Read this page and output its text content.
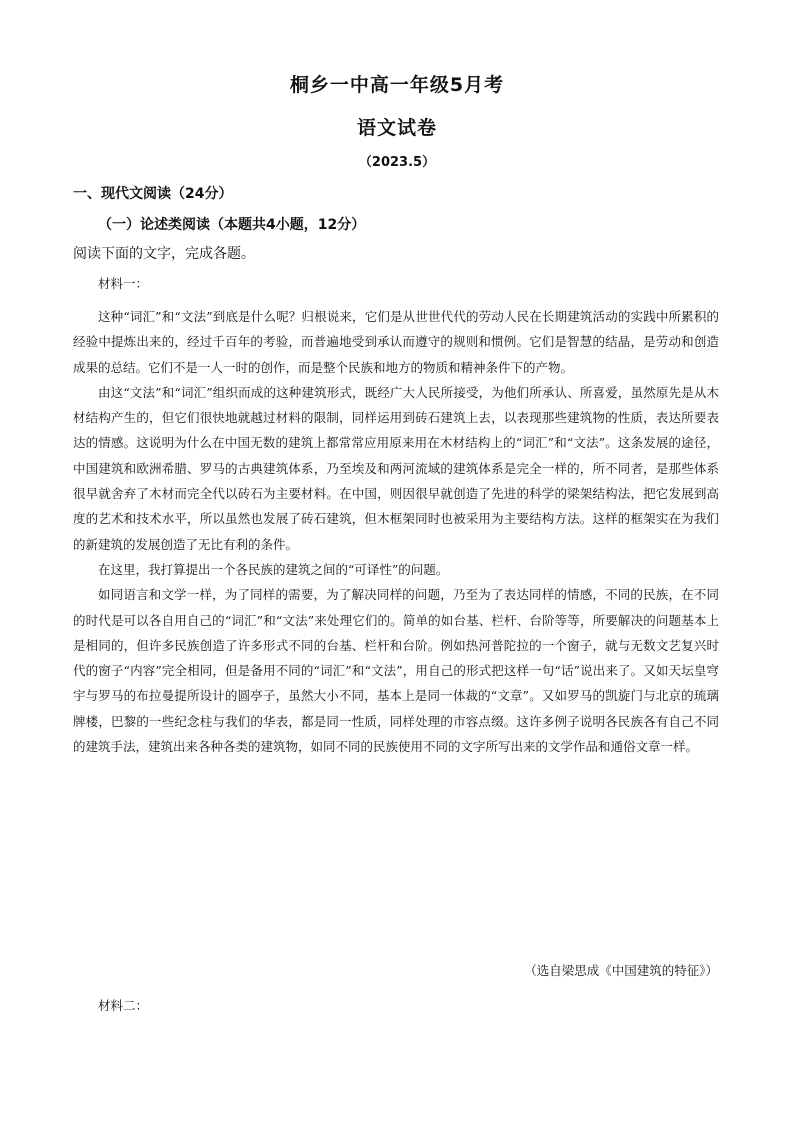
桐乡一中高一年级5月考
语文试卷
（2023.5）
一、现代文阅读（24分）
（一）论述类阅读（本题共4小题，12分）
阅读下面的文字，完成各题。
材料一：

这种“词汇”和“文法”到底是什么呢？归根说来，它们是从世世代代的劳动人民在长期建筑活动的实践中所累积的经验中提炼出来的，经过千百年的考验，而普遍地受到承认而遵守的规则和惯例。它们是智慧的结晶，是劳动和创造成果的总结。它们不是一人一时的创作，而是整个民族和地方的物质和精神条件下的产物。

由这“文法”和“词汇”组织而成的这种建筑形式，既经广大人民所接受，为他们所承认、所喜爱，虽然原先是从木材结构产生的，但它们很快地就越过材料的限制，同样运用到砖石建筑上去，以表现那些建筑物的性质，表达所要表达的情感。这说明为什么在中国无数的建筑上都常常应用原来用在木材结构上的“词汇”和“文法”。这条发展的途径，中国建筑和欧洲希腊、罗马的古典建筑体系，乃至埃及和两河流域的建筑体系是完全一样的，所不同者，是那些体系很早就舍弃了木材而完全代以砖石为主要材料。在中国，则因很早就创造了先进的科学的梁架结构法，把它发展到高度的艺术和技术水平，所以虽然也发展了砖石建筑，但木框架同时也被采用为主要结构方法。这样的框架实在为我们的新建筑的发展创造了无比有利的条件。

在这里，我打算提出一个各民族的建筑之间的“可译性”的问题。

如同语言和文学一样，为了同样的需要，为了解决同样的问题，乃至为了表达同样的情感，不同的民族，在不同的时代是可以各自用自己的“词汇”和“文法”来处理它们的。简单的如台基、栏杆、台阶等等，所要解决的问题基本上是相同的，但许多民族创造了许多形式不同的台基、栏杆和台阶。例如热河普陀拉的一个窗子，就与无数文艺复兴时代的窗子“内容”完全相同，但是备用不同的“词汇”和“文法”，用自己的形式把这样一句“话”说出来了。又如天坛皇穹宇与罗马的布拉曼提所设计的圆亭子，虽然大小不同，基本上是同一体裁的“文章”。又如罗马的凯旋门与北京的琉璃牌楼，巴黎的一些纪念柱与我们的华表，都是同一性质，同样处理的市容点缀。这许多例子说明各民族各有自己不同的建筑手法，建筑出来各种各类的建筑物，如同不同的民族使用不同的文字所写出来的文学作品和通俗文章一样。

（选自梁思成《中国建筑的特征》）
材料二：
